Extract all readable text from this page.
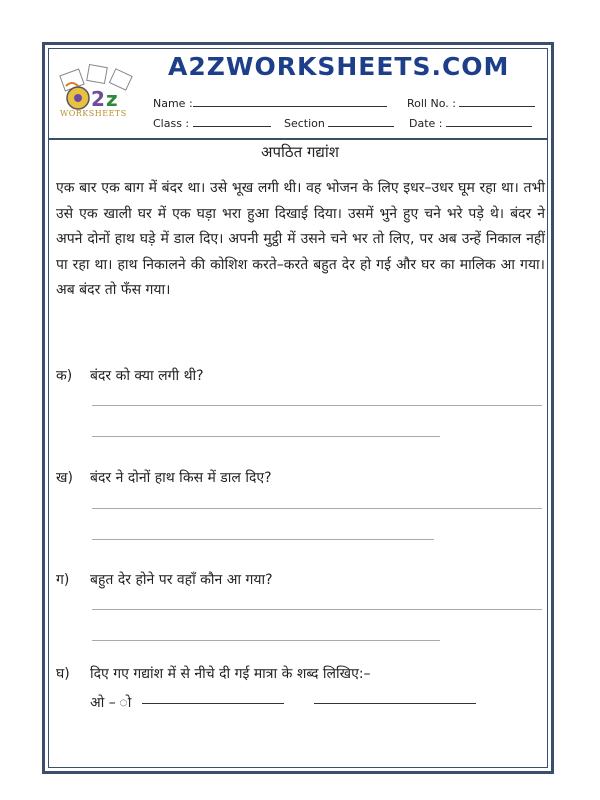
2 z
WORKSHEETS
A2ZWORKSHEETS.COM
Name :	Roll No. :
Class :	Section	Date :
अपठित गद्यांश
एक बार एक बाग में बंदर था। उसे भूख लगी थी। वह भोजन के लिए इधर–उधर घूम रहा था। तभी उसे एक खाली घर में एक घड़ा भरा हुआ दिखाई दिया। उसमें भुने हुए चने भरे पड़े थे। बंदर ने अपने दोनों हाथ घड़े में डाल दिए। अपनी मुट्ठी में उसने चने भर तो लिए, पर अब उन्हें निकाल नहीं पा रहा था। हाथ निकालने की कोशिश करते–करते बहुत देर हो गई और घर का मालिक आ गया। अब बंदर तो फँस गया।
क) बंदर को क्या लगी थी?
ख) बंदर ने दोनों हाथ किस में डाल दिए?
ग) बहुत देर होने पर वहाँ कौन आ गया?
घ) दिए गए गद्यांश में से नीचे दी गई मात्रा के शब्द लिखिए:–
ओ – ो
